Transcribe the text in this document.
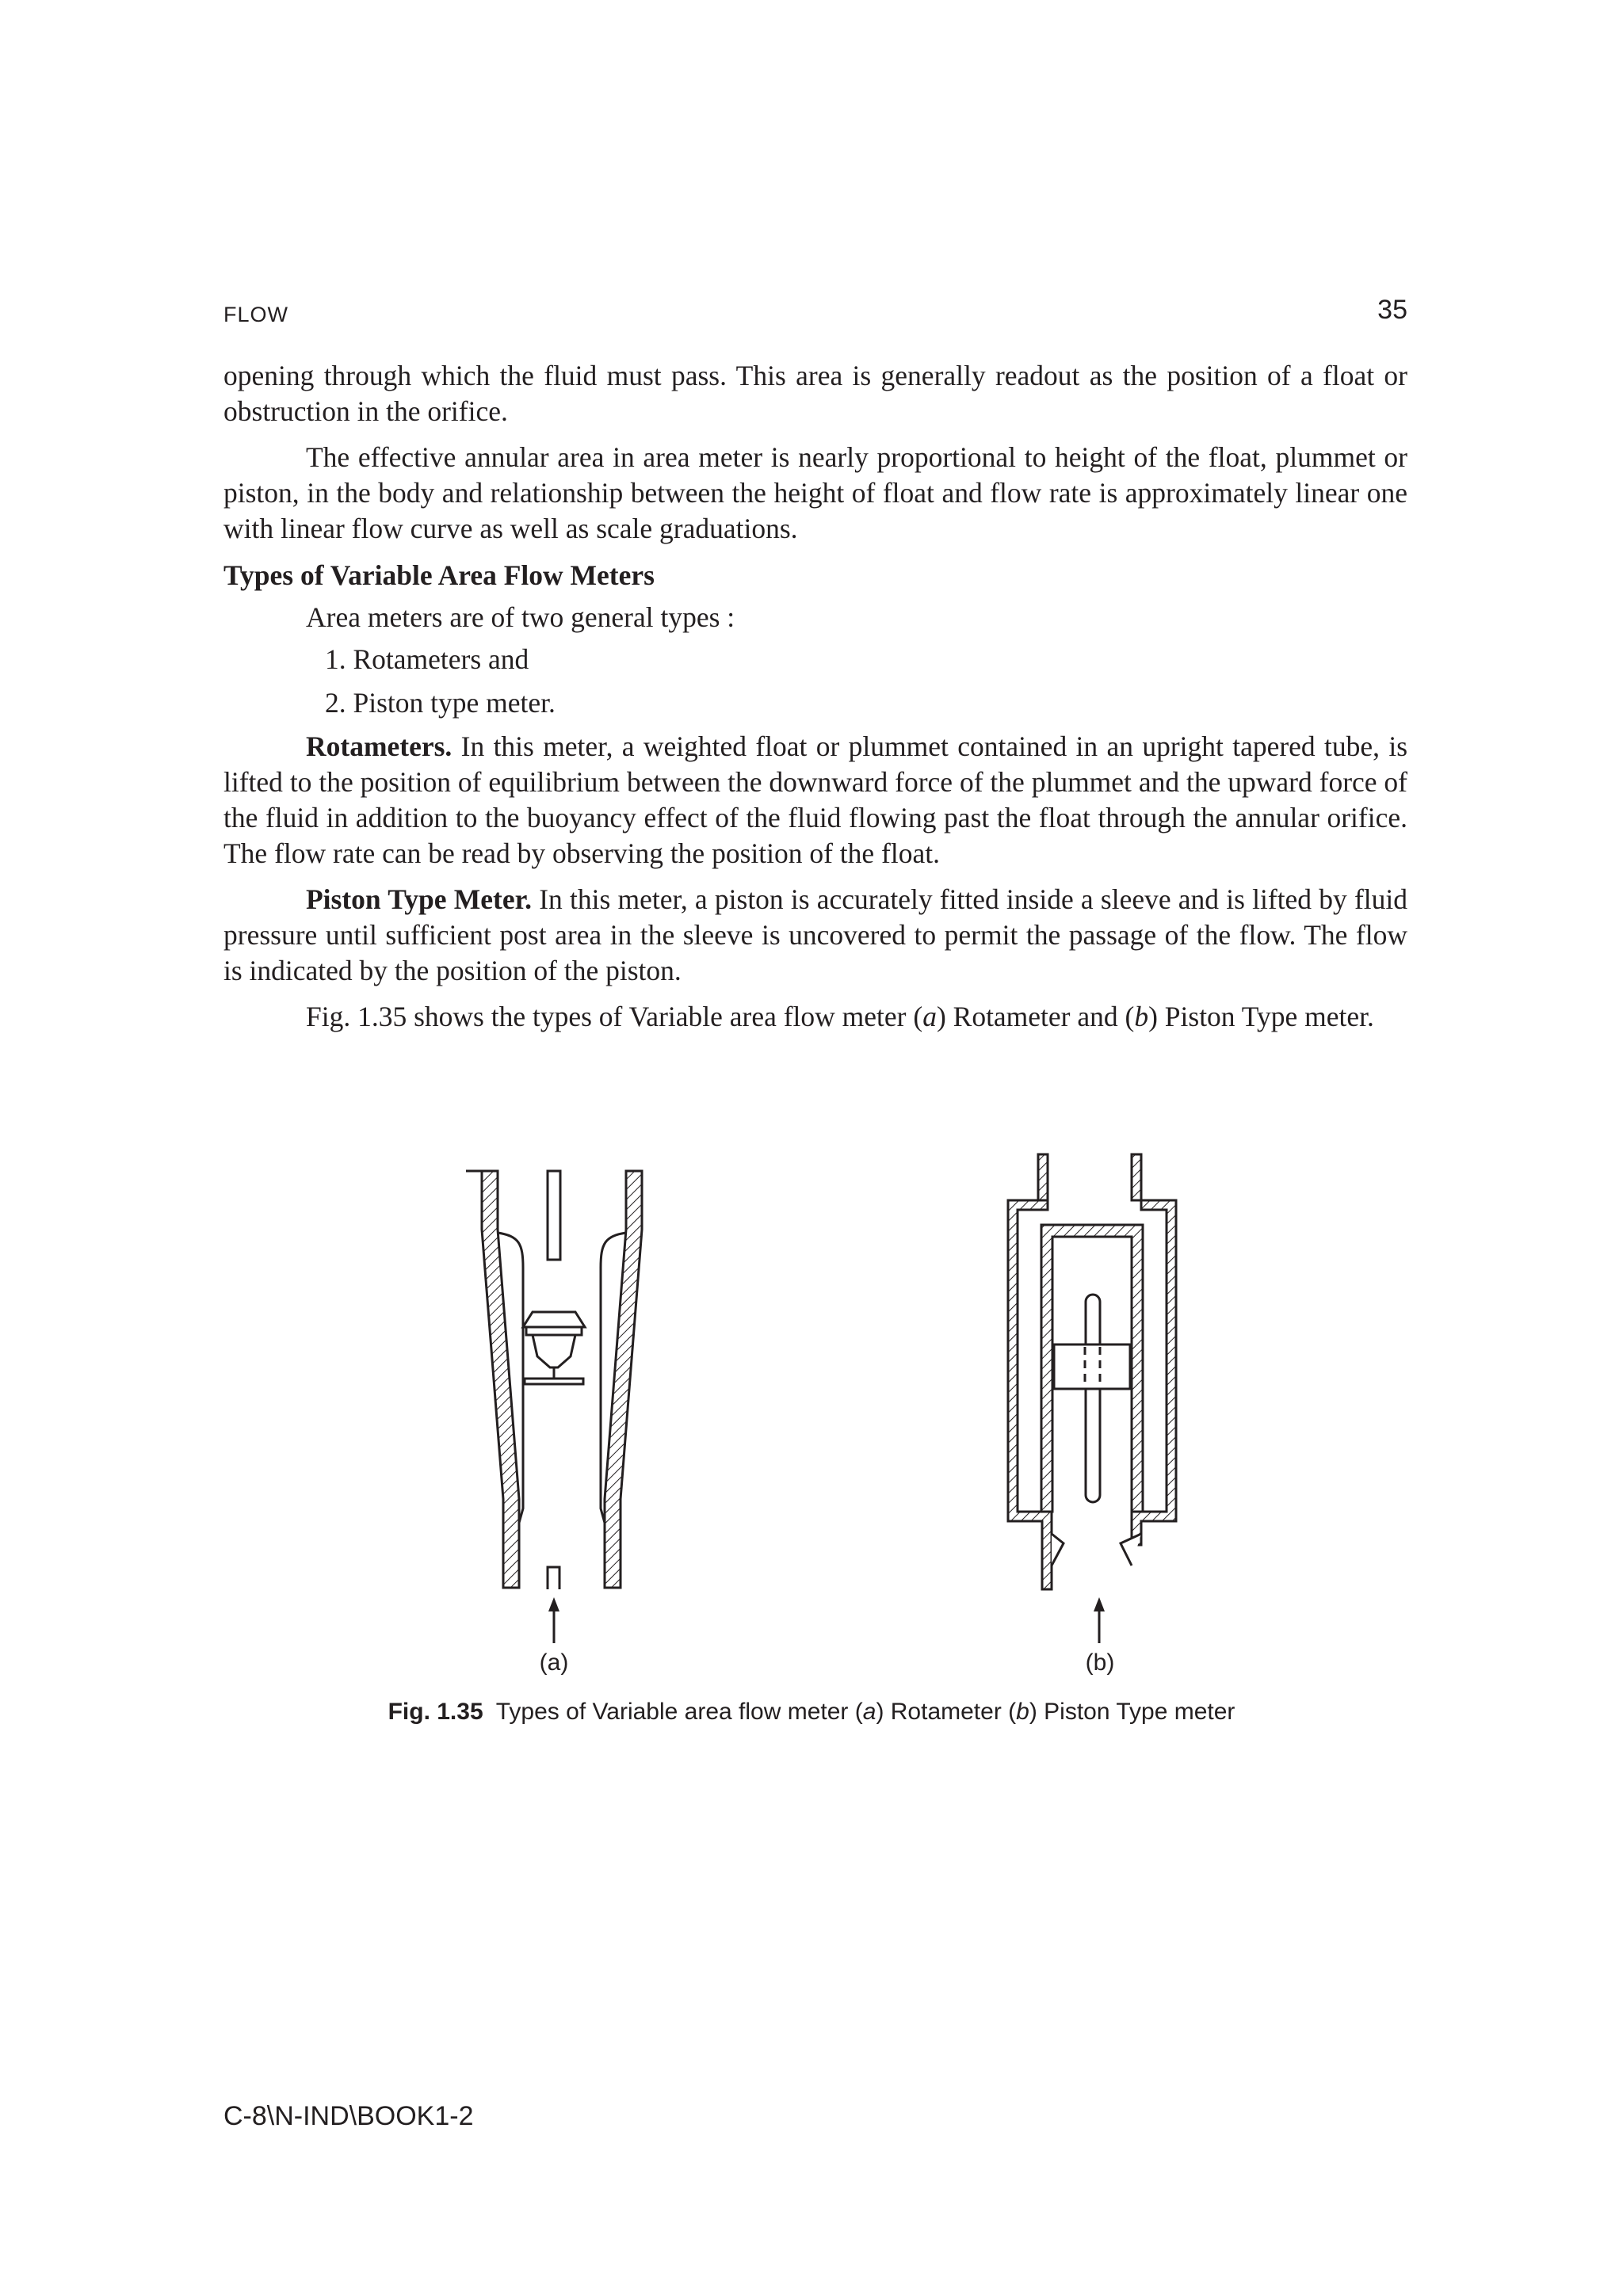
FLOW	35

opening through which the fluid must pass. This area is generally readout as the position of a float or obstruction in the orifice.

The effective annular area in area meter is nearly proportional to height of the float, plummet or piston, in the body and relationship between the height of float and flow rate is approximately linear one with linear flow curve as well as scale graduations.

Types of Variable Area Flow Meters
Area meters are of two general types :
1. Rotameters and
2. Piston type meter.

Rotameters. In this meter, a weighted float or plummet contained in an upright tapered tube, is lifted to the position of equilibrium between the downward force of the plummet and the upward force of the fluid in addition to the buoyancy effect of the fluid flowing past the float through the annular orifice. The flow rate can be read by observing the position of the float.

Piston Type Meter. In this meter, a piston is accurately fitted inside a sleeve and is lifted by fluid pressure until sufficient post area in the sleeve is uncovered to permit the passage of the flow. The flow is indicated by the position of the piston.

Fig. 1.35 shows the types of Variable area flow meter (a) Rotameter and (b) Piston Type meter.

(a)	(b)
Fig. 1.35 Types of Variable area flow meter (a) Rotameter (b) Piston Type meter
C-8\N-IND\BOOK1-2
